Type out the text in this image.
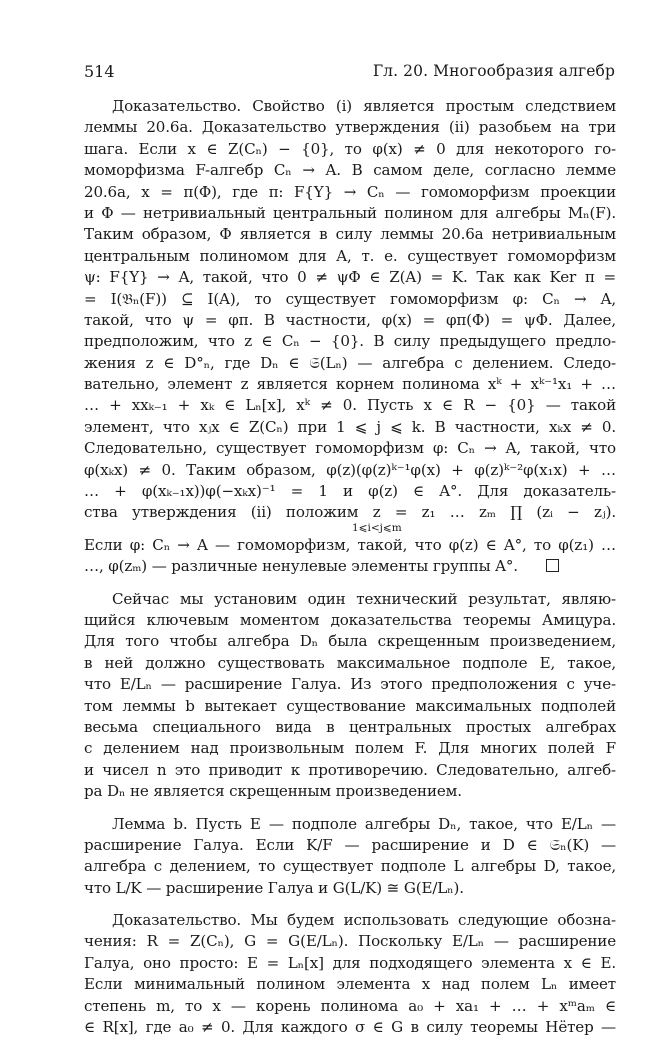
514	Гл. 20. Многообразия алгебр
Доказательство. Свойство (i) является простым следствием
леммы 20.6а. Доказательство утверждения (ii) разобьем на три
шага. Если x ∈ Z(Cₙ) − {0}, то φ(x) ≠ 0 для некоторого го-
моморфизма F-алгебр Cₙ → A. В самом деле, согласно лемме
20.6а, x = π(Φ), где π: F{Y} → Cₙ — гомоморфизм проекции
и Φ — нетривиальный центральный полином для алгебры Mₙ(F).
Таким образом, Φ является в силу леммы 20.6а нетривиальным
центральным полиномом для A, т. е. существует гомоморфизм
ψ: F{Y} → A, такой, что 0 ≠ ψΦ ∈ Z(A) = K. Так как Ker π =
= I(𝔅ₙ(F)) ⊆ I(A), то существует гомоморфизм φ: Cₙ → A,
такой, что ψ = φπ. В частности, φ(x) = φπ(Φ) = ψΦ. Далее,
предположим, что z ∈ Cₙ − {0}. В силу предыдущего предло-
жения z ∈ D°ₙ, где Dₙ ∈ 𝔖(Lₙ) — алгебра с делением. Следо-
вательно, элемент z является корнем полинома xᵏ + xᵏ⁻¹x₁ + …
… + xxₖ₋₁ + xₖ ∈ Lₙ[x], xᵏ ≠ 0. Пусть x ∈ R − {0} — такой
элемент, что xⱼx ∈ Z(Cₙ) при 1 ⩽ j ⩽ k. В частности, xₖx ≠ 0.
Следовательно, существует гомоморфизм φ: Cₙ → A, такой, что
φ(xₖx) ≠ 0. Таким образом, φ(z)(φ(z)ᵏ⁻¹φ(x) + φ(z)ᵏ⁻²φ(x₁x) + …
… + φ(xₖ₋₁x))φ(−xₖx)⁻¹ = 1 и φ(z) ∈ A°. Для доказатель-
ства утверждения (ii) положим z = z₁ … zₘ ∏ (zᵢ − zⱼ).
1⩽i<j⩽m
Если φ: Cₙ → A — гомоморфизм, такой, что φ(z) ∈ A°, то φ(z₁) …
…, φ(zₘ) — различные ненулевые элементы группы A°.
Сейчас мы установим один технический результат, являю-
щийся ключевым моментом доказательства теоремы Амицура.
Для того чтобы алгебра Dₙ была скрещенным произведением,
в ней должно существовать максимальное подполе E, такое,
что E/Lₙ — расширение Галуа. Из этого предположения с уче-
том леммы b вытекает существование максимальных подполей
весьма специального вида в центральных простых алгебрах
с делением над произвольным полем F. Для многих полей F
и чисел n это приводит к противоречию. Следовательно, алгеб-
ра Dₙ не является скрещенным произведением.
Лемма b. Пусть E — подполе алгебры Dₙ, такое, что E/Lₙ —
расширение Галуа. Если K/F — расширение и D ∈ 𝔖ₙ(K) —
алгебра с делением, то существует подполе L алгебры D, такое,
что L/K — расширение Галуа и G(L/K) ≅ G(E/Lₙ).
Доказательство. Мы будем использовать следующие обозна-
чения: R = Z(Cₙ), G = G(E/Lₙ). Поскольку E/Lₙ — расширение
Галуа, оно просто: E = Lₙ[x] для подходящего элемента x ∈ E.
Если минимальный полином элемента x над полем Lₙ имеет
степень m, то x — корень полинома a₀ + xa₁ + … + xᵐaₘ ∈
∈ R[x], где a₀ ≠ 0. Для каждого σ ∈ G в силу теоремы Нётер —
